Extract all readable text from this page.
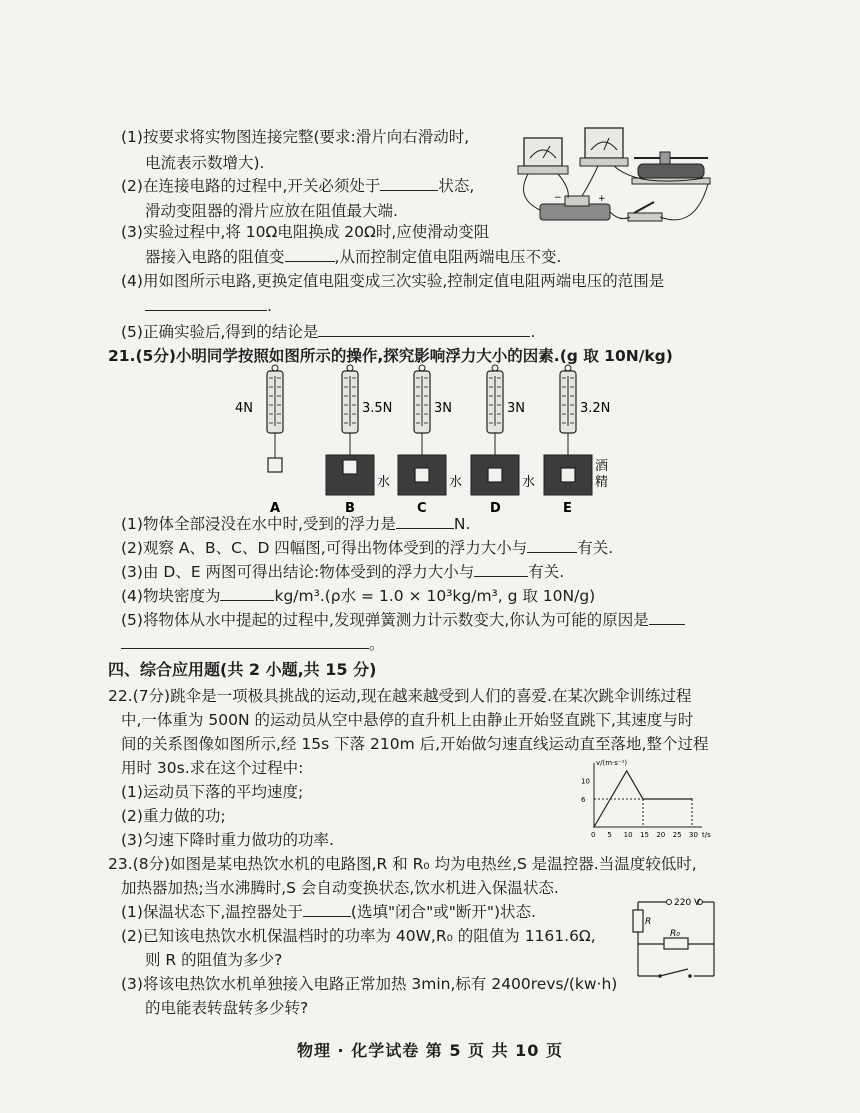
(1)按要求将实物图连接完整(要求:滑片向右滑动时,
电流表示数增大).
(2)在连接电路的过程中,开关必须处于	状态,
滑动变阻器的滑片应放在阻值最大端.
(3)实验过程中,将 10Ω电阻换成 20Ω时,应使滑动变阻
器接入电路的阻值变	,从而控制定值电阻两端电压不变.
(4)用如图所示电路,更换定值电阻变成三次实验,控制定值电阻两端电压的范围是
.
(5)正确实验后,得到的结论是	.
−	+
21.(5分)小明同学按照如图所示的操作,探究影响浮力大小的因素.(g 取 10N/kg)
4N
A
3.5N
水
B
3N
水
C
3N
水
D
3.2N
酒
精
E
(1)物体全部浸没在水中时,受到的浮力是	N.
(2)观察 A、B、C、D 四幅图,可得出物体受到的浮力大小与	有关.
(3)由 D、E 两图可得出结论:物体受到的浮力大小与	有关.
(4)物块密度为	kg/m³.(ρ水 = 1.0 × 10³kg/m³, g 取 10N/g)
(5)将物体从水中提起的过程中,发现弹簧测力计示数变大,你认为可能的原因是
。
四、综合应用题(共 2 小题,共 15 分)
22.(7分)跳伞是一项极具挑战的运动,现在越来越受到人们的喜爱.在某次跳伞训练过程
中,一体重为 500N 的运动员从空中悬停的直升机上由静止开始竖直跳下,其速度与时
间的关系图像如图所示,经 15s 下落 210m 后,开始做匀速直线运动直至落地,整个过程
用时 30s.求在这个过程中:
(1)运动员下落的平均速度;
(2)重力做的功;
(3)匀速下降时重力做功的功率.
v/(m·s⁻¹)
t/s
0 5 10 15 20 25 30
10
6
23.(8分)如图是某电热饮水机的电路图,R 和 R₀ 均为电热丝,S 是温控器.当温度较低时,
加热器加热;当水沸腾时,S 会自动变换状态,饮水机进入保温状态.
(1)保温状态下,温控器处于	(选填"闭合"或"断开")状态.
(2)已知该电热饮水机保温档时的功率为 40W,R₀ 的阻值为 1161.6Ω,
则 R 的阻值为多少?
(3)将该电热饮水机单独接入电路正常加热 3min,标有 2400revs/(kw·h)
的电能表转盘转多少转?
220 V
R
R₀
物理 · 化学试卷 第 5 页 共 10 页
